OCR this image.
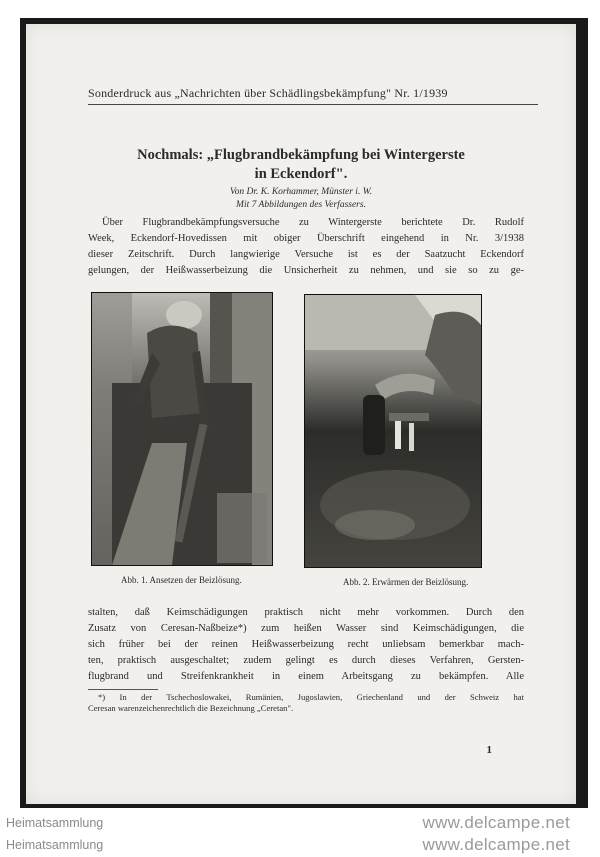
Sonderdruck aus „Nachrichten über Schädlingsbekämpfung" Nr. 1/1939
Nochmals: „Flugbrandbekämpfung bei Wintergerste
in Eckendorf".
Von Dr. K. Korhammer, Münster i. W.
Mit 7 Abbildungen des Verfassers.
Über Flugbrandbekämpfungsversuche zu Wintergerste berichtete Dr. Rudolf
Week, Eckendorf-Hovedissen mit obiger Überschrift eingehend in Nr. 3/1938
dieser Zeitschrift. Durch langwierige Versuche ist es der Saatzucht Eckendorf
gelungen, der Heißwasserbeizung die Unsicherheit zu nehmen, und sie so zu ge-
Abb. 1. Ansetzen der Beizlösung.	Abb. 2. Erwärmen der Beizlösung.
stalten, daß Keimschädigungen praktisch nicht mehr vorkommen. Durch den
Zusatz von Ceresan-Naßbeize*) zum heißen Wasser sind Keimschädigungen, die
sich früher bei der reinen Heißwasserbeizung recht unliebsam bemerkbar mach-
ten, praktisch ausgeschaltet; zudem gelingt es durch dieses Verfahren, Gersten-
flugbrand und Streifenkrankheit in einem Arbeitsgang zu bekämpfen. Alle
*) In der Tschechoslowakei, Rumänien, Jugoslawien, Griechenland und der Schweiz hat
Ceresan warenzeichenrechtlich die Bezeichnung „Ceretan".
1
Heimatsammlung
Heimatsammlung
www.delcampe.net
www.delcampe.net
